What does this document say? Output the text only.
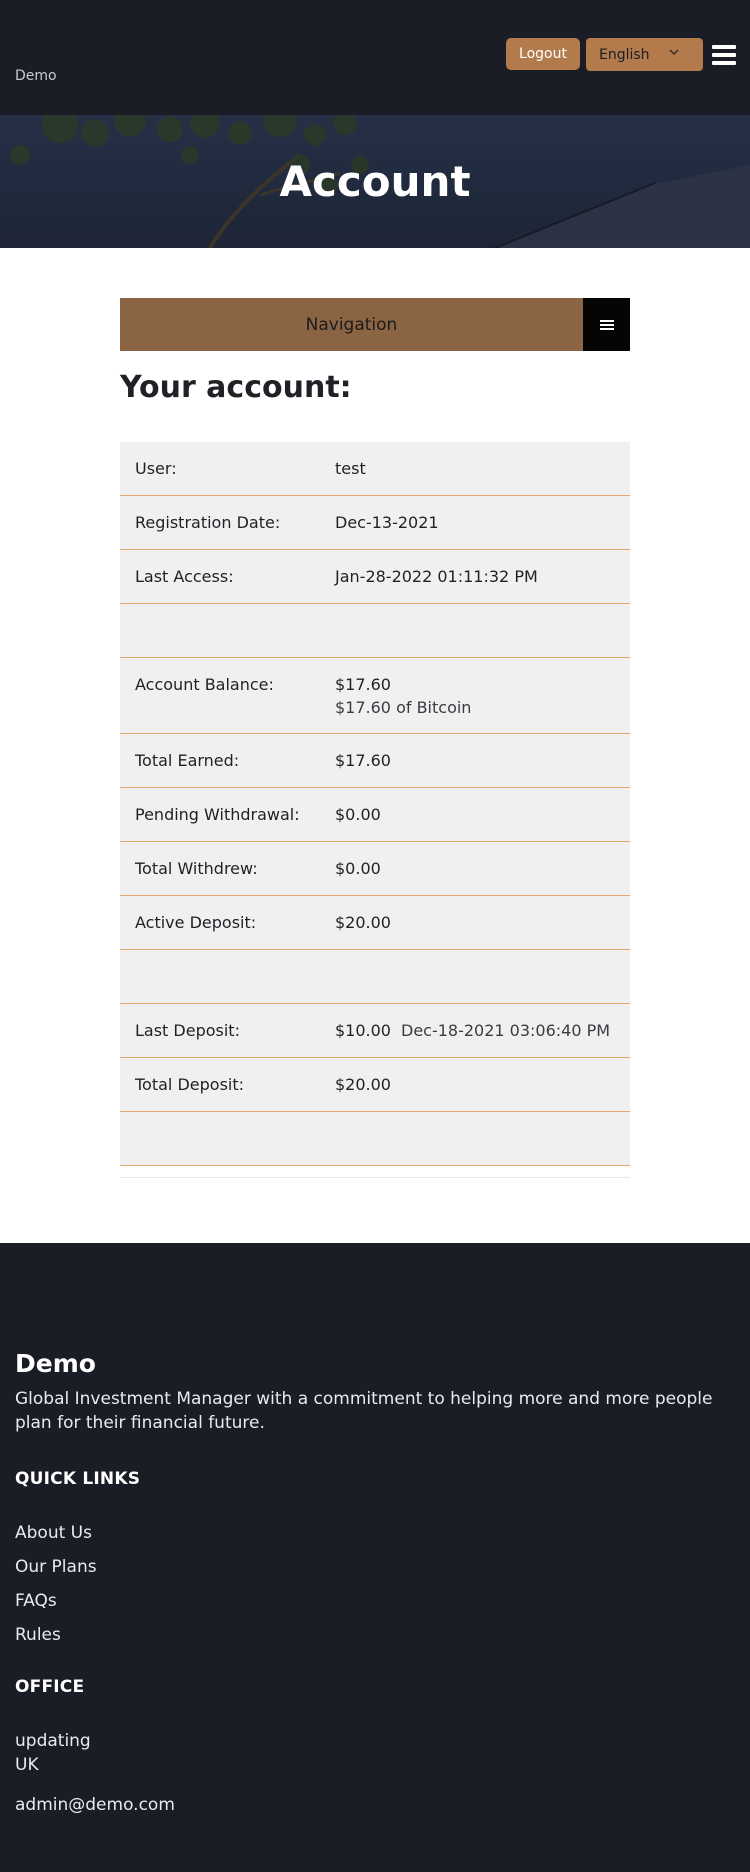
Demo
Logout	English
Account
Navigation
Your account:
User:	test
Registration Date:	Dec-13-2021
Last Access:	Jan-28-2022 01:11:32 PM
Account Balance:	$17.60
$17.60 of Bitcoin
Total Earned:	$17.60
Pending Withdrawal: $0.00
Total Withdrew:	$0.00
Active Deposit:	$20.00
Last Deposit:	$10.00 Dec-18-2021 03:06:40 PM
Total Deposit:	$20.00
Demo
Global Investment Manager with a commitment to helping more and more people plan for their financial future.
QUICK LINKS
About Us
Our Plans
FAQs
Rules
OFFICE
updating
UK
admin@demo.com
